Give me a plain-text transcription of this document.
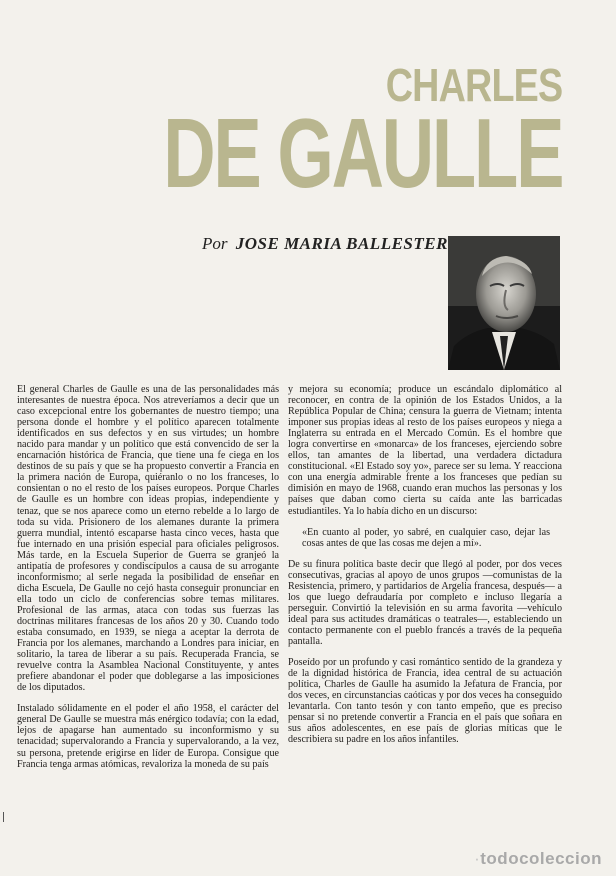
CHARLES
DE GAULLE
Por JOSE MARIA BALLESTER

El general Charles de Gaulle es una de las personalidades más interesantes de nuestra época. Nos atreveríamos a decir que un caso excepcional entre los gobernantes de nuestro tiempo; una persona donde el hombre y el político aparecen totalmente identificados en sus defectos y en sus virtudes; un hombre nacido para mandar y un político que está convencido de ser la encarnación histórica de Francia, que tiene una fe ciega en los destinos de su país y que se ha propuesto convertir a Francia en la primera nación de Europa, quiéranlo o no los franceses, lo consientan o no el resto de los países europeos. Porque Charles de Gaulle es un hombre con ideas propias, independiente y tenaz, que se nos aparece como un eterno rebelde a lo largo de toda su vida. Prisionero de los alemanes durante la primera guerra mundial, intentó escaparse hasta cinco veces, hasta que fue internado en una prisión especial para oficiales peligrosos. Más tarde, en la Escuela Superior de Guerra se granjeó la antipatía de profesores y condiscípulos a causa de su arrogante inconformismo; al serle negada la posibilidad de enseñar en dicha Escuela, De Gaulle no cejó hasta conseguir pronunciar en ella todo un ciclo de conferencias sobre temas militares. Profesional de las armas, ataca con todas sus fuerzas las doctrinas militares francesas de los años 20 y 30. Cuando todo estaba consumado, en 1939, se niega a aceptar la derrota de Francia por los alemanes, marchando a Londres para iniciar, en solitario, la tarea de liberar a su país. Recuperada Francia, se revuelve contra la Asamblea Nacional Constituyente, y antes prefiere abandonar el poder que doblegarse a las imposiciones de los diputados.

Instalado sólidamente en el poder el año 1958, el carácter del general De Gaulle se muestra más enérgico todavía; con la edad, lejos de apagarse han aumentado su inconformismo y su tenacidad; supervalorando a Francia y supervalorando, a la vez, su persona, pretende erigirse en líder de Europa. Consigue que Francia tenga armas atómicas, revaloriza la moneda de su país

y mejora su economía; produce un escándalo diplomático al reconocer, en contra de la opinión de los Estados Unidos, a la República Popular de China; censura la guerra de Vietnam; intenta imponer sus propias ideas al resto de los países europeos y niega a Inglaterra su entrada en el Mercado Común. Es el hombre que logra convertirse en «monarca» de los franceses, ejerciendo sobre ellos, tan amantes de la libertad, una verdadera dictadura constitucional. «El Estado soy yo», parece ser su lema. Y reacciona con una energía admirable frente a los franceses que pedían su dimisión en mayo de 1968, cuando eran muchos las personas y los países que daban como cierta su caída ante las barricadas estudiantiles. Ya lo había dicho en un discurso:

«En cuanto al poder, yo sabré, en cualquier caso, dejar las cosas antes de que las cosas me dejen a mí».

De su finura política baste decir que llegó al poder, por dos veces consecutivas, gracias al apoyo de unos grupos —comunistas de la Resistencia, primero, y partidarios de Argelia francesa, después— a los que luego defraudaría por completo e incluso llegaría a perseguir. Convirtió la televisión en su arma favorita —vehículo ideal para sus actitudes dramáticas o teatrales—, estableciendo un contacto permanente con el pueblo francés a través de la pequeña pantalla.

Poseído por un profundo y casi romántico sentido de la grandeza y de la dignidad histórica de Francia, idea central de su actuación política, Charles de Gaulle ha asumido la Jefatura de Francia, por dos veces, en circunstancias caóticas y por dos veces ha conseguido levantarla. Con tanto tesón y con tanto empeño, que es preciso pensar si no pretende convertir a Francia en el país que soñara en sus años adolescentes, en ese país de glorias míticas que le describiera su padre en los años infantiles.

·todocoleccion
